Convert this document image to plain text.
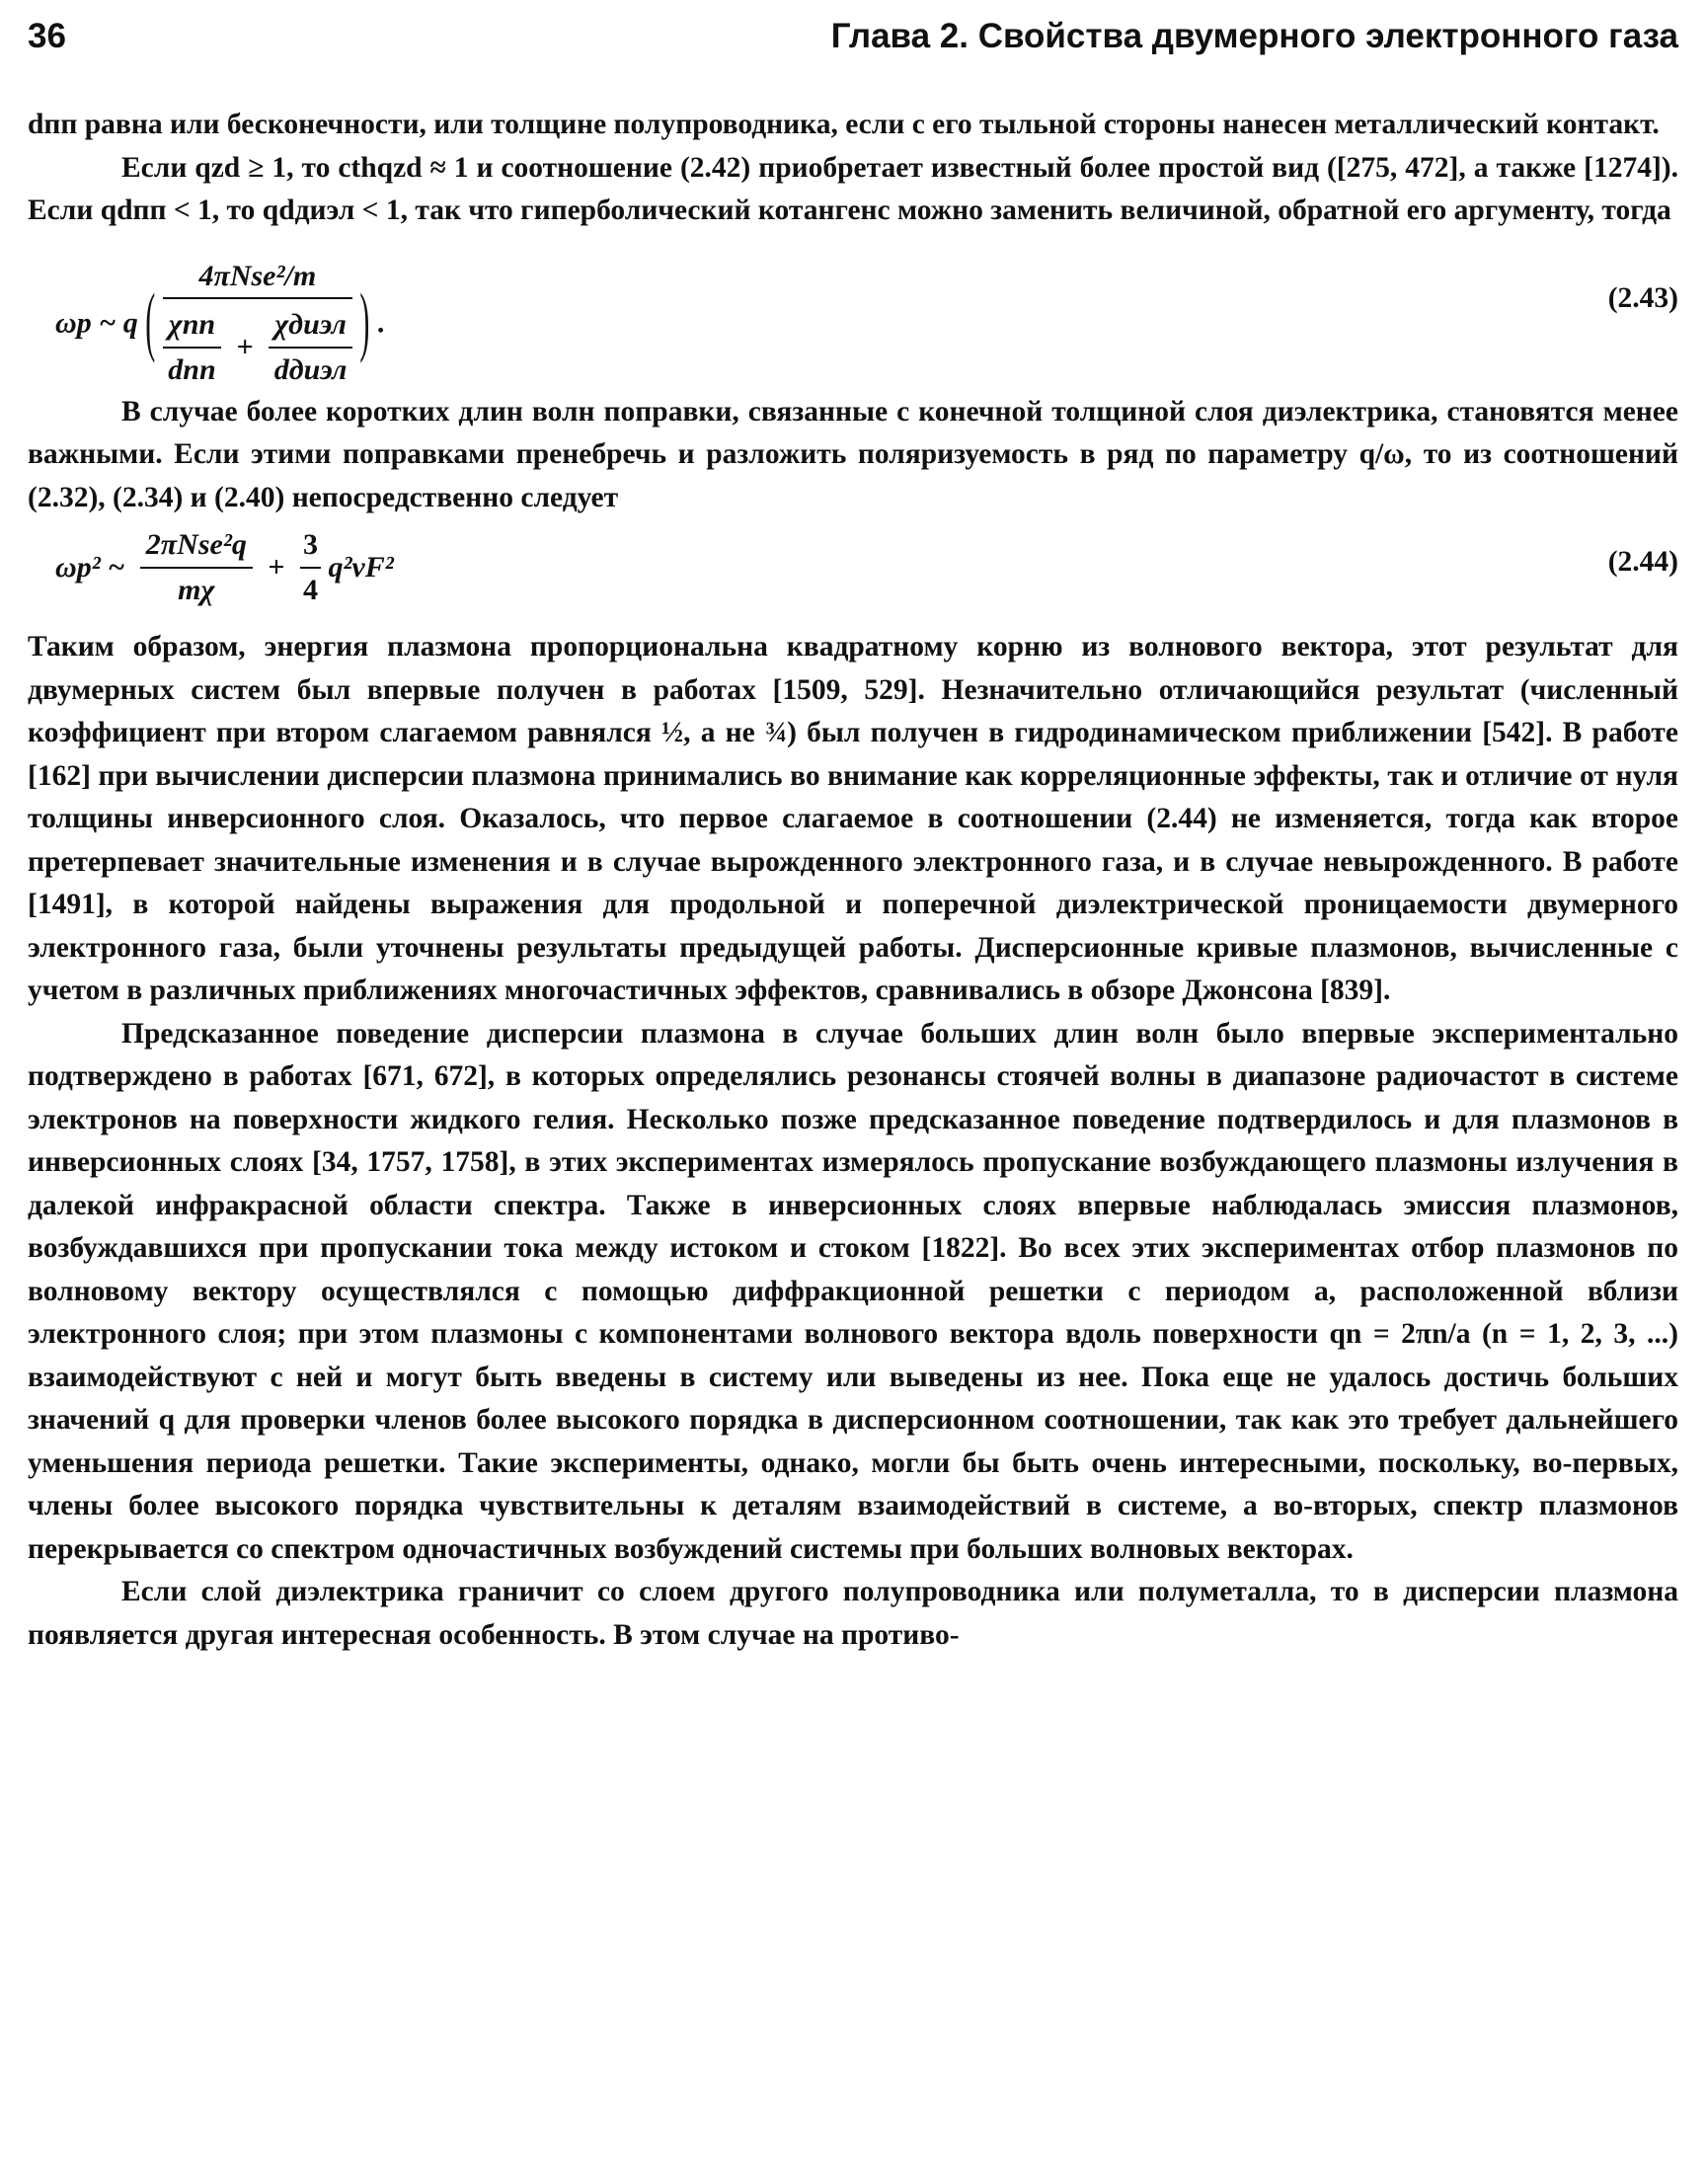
36	Глава 2. Свойства двумерного электронного газа

dпп равна или бесконечности, или толщине полупроводника, если с его тыльной стороны нанесен металлический контакт.

Если qzd ≥ 1, то cthqzd ≈ 1 и соотношение (2.42) приобретает известный более простой вид ([275, 472], а также [1274]). Если qdпп < 1, то qdдиэл < 1, так что гиперболический котангенс можно заменить величиной, обратной его аргументу, тогда

ωp ~ q (
4πNse²/m
$\frac{\text{χпп}}{\text{dпп}} + \frac{\text{χдиэл}}{\text{dдиэл}}$ ) .
(2.43)

В случае более коротких длин волн поправки, связанные с конечной толщиной слоя диэлектрика, становятся менее важными. Если этими поправками пренебречь и разложить поляризуемость в ряд по параметру q/ω, то из соотношений (2.32), (2.34) и (2.40) непосредственно следует

ωp² ~ $\frac{\text{2πNse²q}}{m\chi} + \frac{3}{4} q^2vF^2$	(2.44)

Таким образом, энергия плазмона пропорциональна квадратному корню из волнового вектора, этот результат для двумерных систем был впервые получен в работах [1509, 529]. Незначительно отличающийся результат (численный коэффициент при втором слагаемом равнялся ½, а не ¾) был получен в гидродинамическом приближении [542]. В работе [162] при вычислении дисперсии плазмона принимались во внимание как корреляционные эффекты, так и отличие от нуля толщины инверсионного слоя. Оказалось, что первое слагаемое в соотношении (2.44) не изменяется, тогда как второе претерпевает значительные изменения и в случае вырожденного электронного газа, и в случае невырожденного. В работе [1491], в которой найдены выражения для продольной и поперечной диэлектрической проницаемости двумерного электронного газа, были уточнены результаты предыдущей работы. Дисперсионные кривые плазмонов, вычисленные с учетом в различных приближениях многочастичных эффектов, сравнивались в обзоре Джонсона [839].

Предсказанное поведение дисперсии плазмона в случае больших длин волн было впервые экспериментально подтверждено в работах [671, 672], в которых определялись резонансы стоячей волны в диапазоне радиочастот в системе электронов на поверхности жидкого гелия. Несколько позже предсказанное поведение подтвердилось и для плазмонов в инверсионных слоях [34, 1757, 1758], в этих экспериментах измерялось пропускание возбуждающего плазмоны излучения в далекой инфракрасной области спектра. Также в инверсионных слоях впервые наблюдалась эмиссия плазмонов, возбуждавшихся при пропускании тока между истоком и стоком [1822]. Во всех этих экспериментах отбор плазмонов по волновому вектору осуществлялся с помощью диффракционной решетки с периодом a, расположенной вблизи электронного слоя; при этом плазмоны с компонентами волнового вектора вдоль поверхности qn = 2πn/a (n = 1, 2, 3, ...) взаимодействуют с ней и могут быть введены в систему или выведены из нее. Пока еще не удалось достичь больших значений q для проверки членов более высокого порядка в дисперсионном соотношении, так как это требует дальнейшего уменьшения периода решетки. Такие эксперименты, однако, могли бы быть очень интересными, поскольку, во-первых, члены более высокого порядка чувствительны к деталям взаимодействий в системе, а во-вторых, спектр плазмонов перекрывается со спектром одночастичных возбуждений системы при больших волновых векторах.

Если слой диэлектрика граничит со слоем другого полупроводника или полуметалла, то в дисперсии плазмона появляется другая интересная особенность. В этом случае на противо-
